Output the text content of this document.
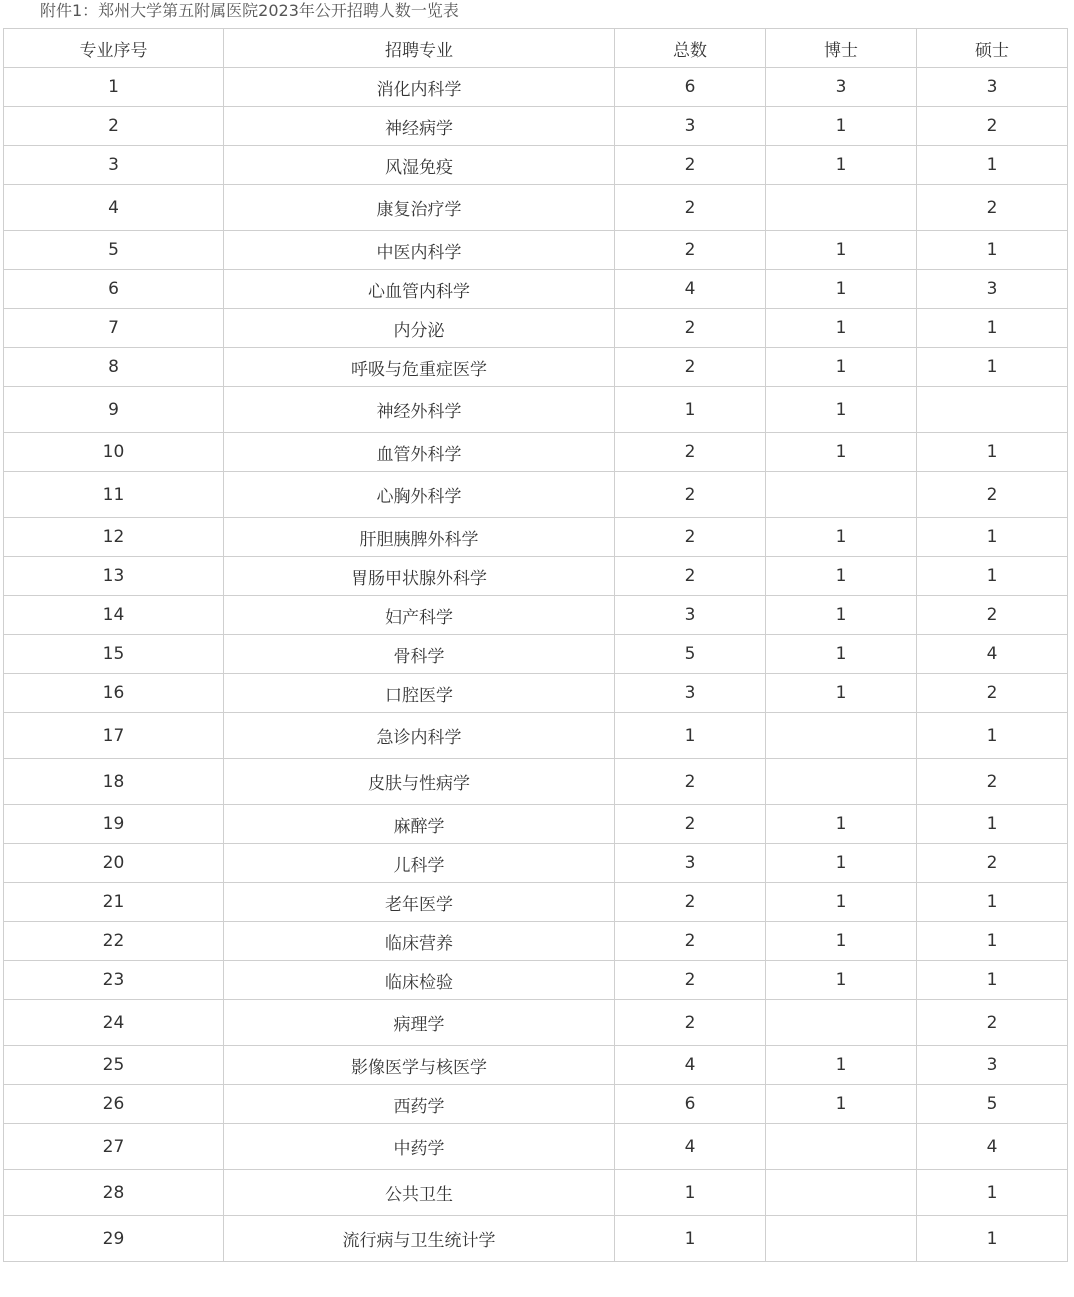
附件1：郑州大学第五附属医院2023年公开招聘人数一览表
专业序号	招聘专业	总数	博士	硕士
1	消化内科学	6	3	3
2	神经病学	3	1	2
3	风湿免疫	2	1	1
4	康复治疗学	2		2
5	中医内科学	2	1	1
6	心血管内科学	4	1	3
7	内分泌	2	1	1
8	呼吸与危重症医学	2	1	1
9	神经外科学	1	1	
10	血管外科学	2	1	1
11	心胸外科学	2		2
12	肝胆胰脾外科学	2	1	1
13	胃肠甲状腺外科学	2	1	1
14	妇产科学	3	1	2
15	骨科学	5	1	4
16	口腔医学	3	1	2
17	急诊内科学	1		1
18	皮肤与性病学	2		2
19	麻醉学	2	1	1
20	儿科学	3	1	2
21	老年医学	2	1	1
22	临床营养	2	1	1
23	临床检验	2	1	1
24	病理学	2		2
25	影像医学与核医学	4	1	3
26	西药学	6	1	5
27	中药学	4		4
28	公共卫生	1		1
29	流行病与卫生统计学	1		1
